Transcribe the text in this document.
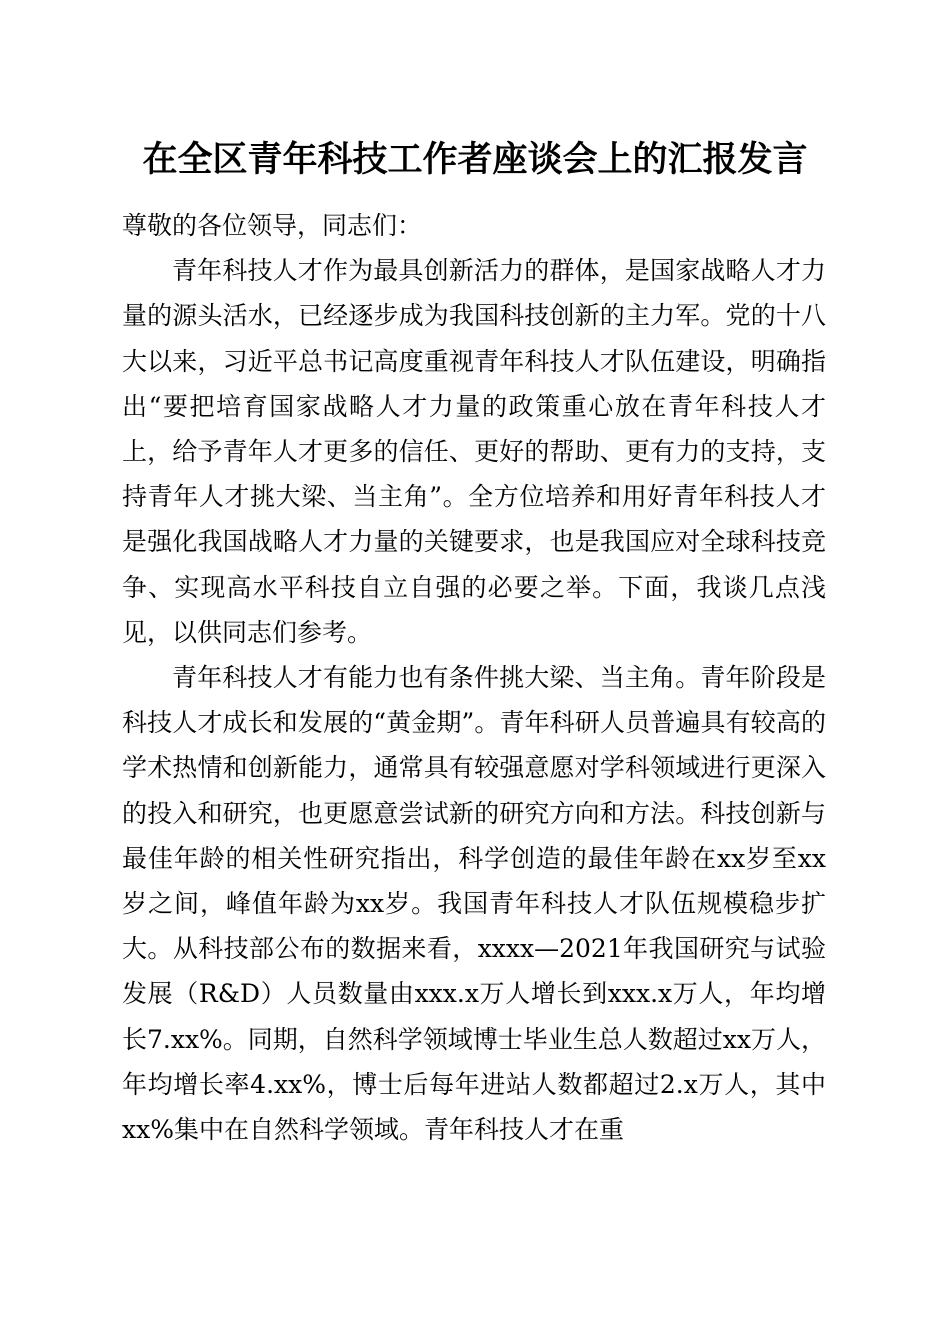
在全区青年科技工作者座谈会上的汇报发言

尊敬的各位领导，同志们：

青年科技人才作为最具创新活力的群体，是国家战略人才力量的源头活水，已经逐步成为我国科技创新的主力军。党的十八大以来，习近平总书记高度重视青年科技人才队伍建设，明确指出“要把培育国家战略人才力量的政策重心放在青年科技人才上，给予青年人才更多的信任、更好的帮助、更有力的支持，支持青年人才挑大梁、当主角”。全方位培养和用好青年科技人才是强化我国战略人才力量的关键要求，也是我国应对全球科技竞争、实现高水平科技自立自强的必要之举。下面，我谈几点浅见，以供同志们参考。

青年科技人才有能力也有条件挑大梁、当主角。青年阶段是科技人才成长和发展的“黄金期”。青年科研人员普遍具有较高的学术热情和创新能力，通常具有较强意愿对学科领域进行更深入的投入和研究，也更愿意尝试新的研究方向和方法。科技创新与最佳年龄的相关性研究指出，科学创造的最佳年龄在xx岁至xx岁之间，峰值年龄为xx岁。我国青年科技人才队伍规模稳步扩大。从科技部公布的数据来看，xxxx—2021年我国研究与试验发展（R&D）人员数量由xxx.x万人增长到xxx.x万人，年均增长7.xx%。同期，自然科学领域博士毕业生总人数超过xx万人，年均增长率4.xx%，博士后每年进站人数都超过2.x万人，其中xx%集中在自然科学领域。青年科技人才在重
